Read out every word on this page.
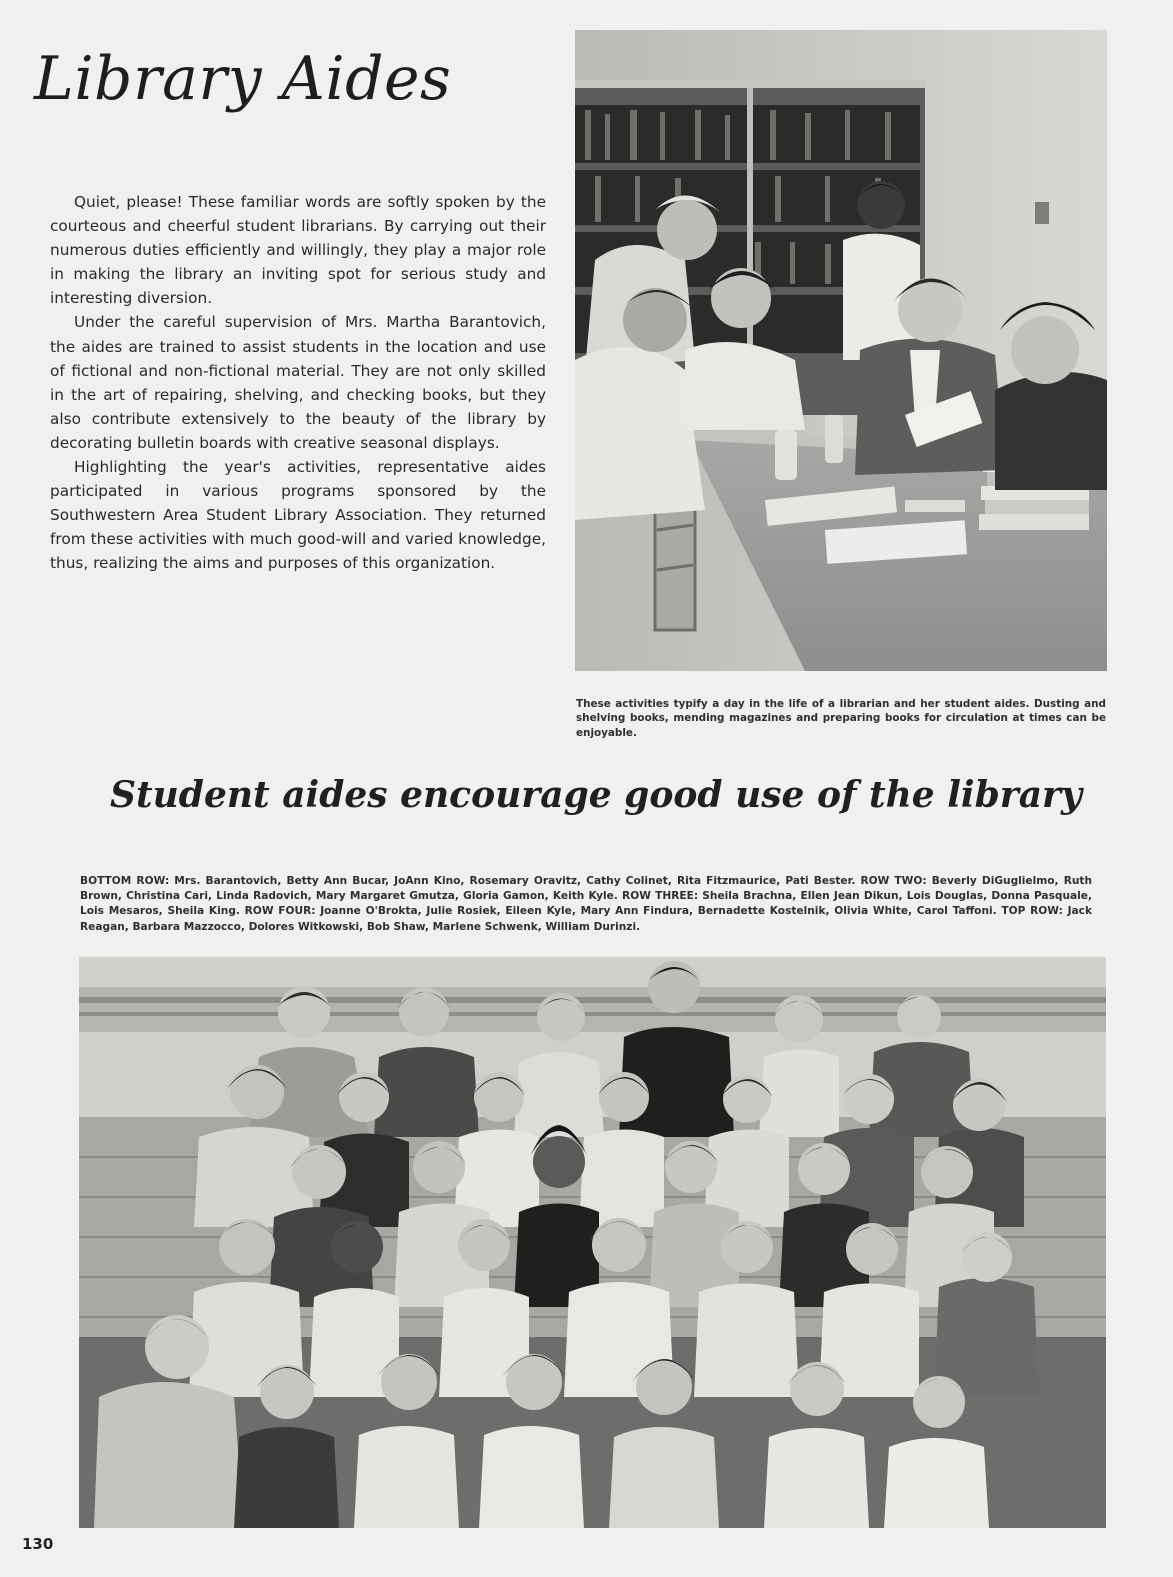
Library Aides

Quiet, please! These familiar words are softly spoken by the courteous and cheerful student librarians. By carrying out their numerous duties efficiently and willingly, they play a major role in making the library an inviting spot for serious study and interesting diversion.

Under the careful supervision of Mrs. Martha Barantovich, the aides are trained to assist students in the location and use of fictional and non-fictional material. They are not only skilled in the art of repairing, shelving, and checking books, but they also contribute extensively to the beauty of the library by decorating bulletin boards with creative seasonal displays.

Highlighting the year's activities, representative aides participated in various programs sponsored by the Southwestern Area Student Library Association. They returned from these activities with much good-will and varied knowledge, thus, realizing the aims and purposes of this organization.

These activities typify a day in the life of a librarian and her student aides. Dusting and shelving books, mending magazines and preparing books for circulation at times can be enjoyable.

Student aides encourage good use of the library

BOTTOM ROW: Mrs. Barantovich, Betty Ann Bucar, JoAnn Kino, Rosemary Oravitz, Cathy Colinet, Rita Fitzmaurice, Pati Bester. ROW TWO: Beverly DiGuglielmo, Ruth Brown, Christina Cari, Linda Radovich, Mary Margaret Gmutza, Gloria Gamon, Keith Kyle. ROW THREE: Sheila Brachna, Ellen Jean Dikun, Lois Douglas, Donna Pasquale, Lois Mesaros, Sheila King. ROW FOUR: Joanne O'Brokta, Julie Rosiek, Eileen Kyle, Mary Ann Findura, Bernadette Kostelnik, Olivia White, Carol Taffoni. TOP ROW: Jack Reagan, Barbara Mazzocco, Dolores Witkowski, Bob Shaw, Marlene Schwenk, William Durinzi.

130
